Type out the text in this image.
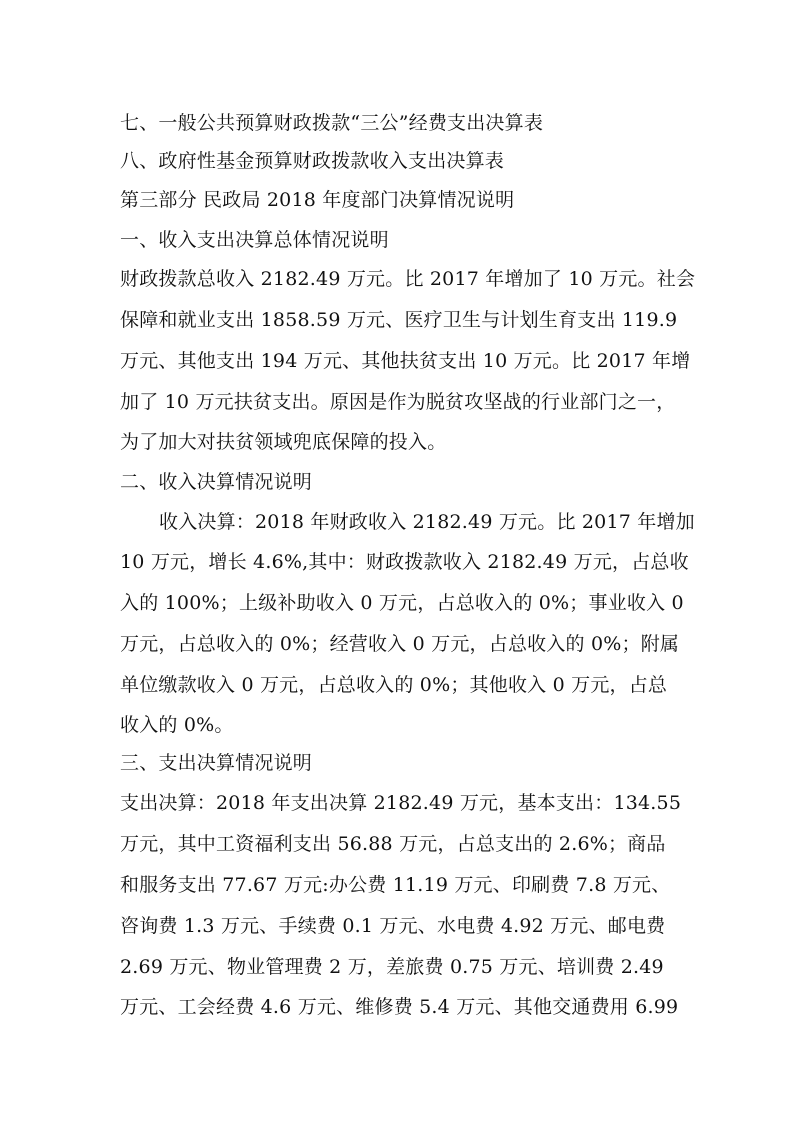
七、一般公共预算财政拨款“三公”经费支出决算表
八、政府性基金预算财政拨款收入支出决算表
第三部分 民政局 2018 年度部门决算情况说明
一、收入支出决算总体情况说明
财政拨款总收入 2182.49 万元。比 2017 年增加了 10 万元。社会
保障和就业支出 1858.59 万元、医疗卫生与计划生育支出 119.9
万元、其他支出 194 万元、其他扶贫支出 10 万元。比 2017 年增
加了 10 万元扶贫支出。原因是作为脱贫攻坚战的行业部门之一，
为了加大对扶贫领域兜底保障的投入。
二、收入决算情况说明
收入决算：2018 年财政收入 2182.49 万元。比 2017 年增加
10 万元，增长 4.6%,其中：财政拨款收入 2182.49 万元，占总收
入的 100%；上级补助收入 0 万元，占总收入的 0%；事业收入 0
万元，占总收入的 0%；经营收入 0 万元，占总收入的 0%；附属
单位缴款收入 0 万元，占总收入的 0%；其他收入 0 万元，占总
收入的 0%。
三、支出决算情况说明
支出决算：2018 年支出决算 2182.49 万元，基本支出：134.55
万元，其中工资福利支出 56.88 万元，占总支出的 2.6%；商品
和服务支出 77.67 万元:办公费 11.19 万元、印刷费 7.8 万元、
咨询费 1.3 万元、手续费 0.1 万元、水电费 4.92 万元、邮电费
2.69 万元、物业管理费 2 万，差旅费 0.75 万元、培训费 2.49
万元、工会经费 4.6 万元、维修费 5.4 万元、其他交通费用 6.99
